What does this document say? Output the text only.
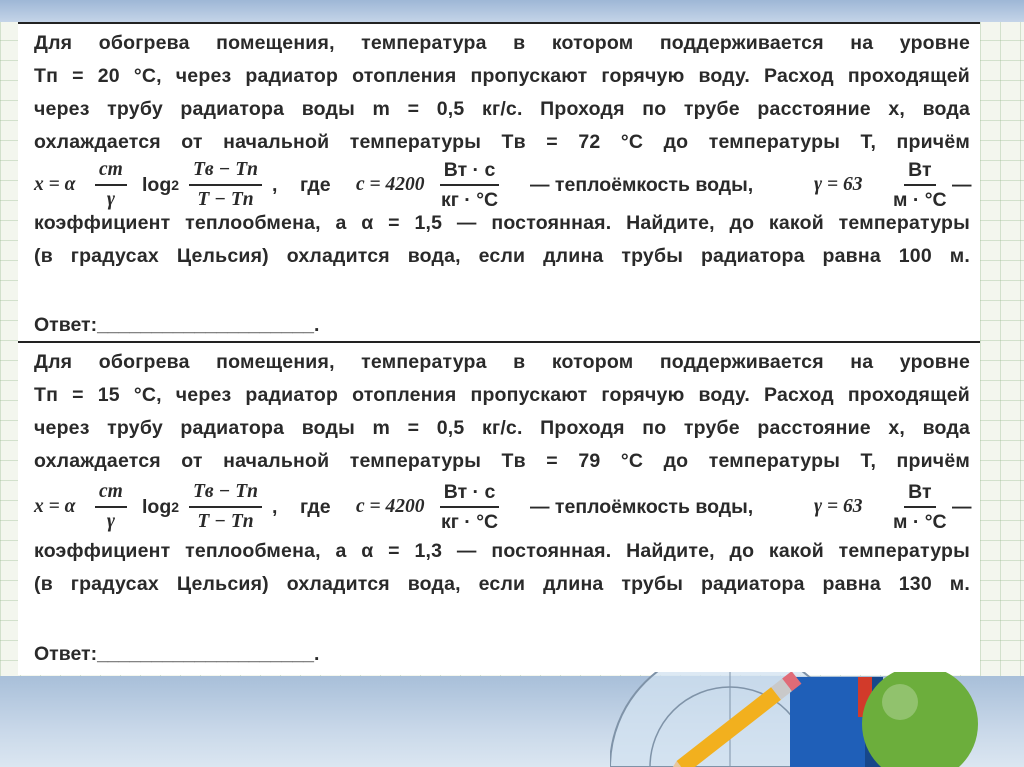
Для обогрева помещения, температура в котором поддерживается на уровне
Tп = 20 °C, через радиатор отопления пропускают горячую воду. Расход проходящей
через трубу радиатора воды m = 0,5 кг/с. Проходя по трубе расстояние x, вода
охлаждается от начальной температуры Tв = 72 °C до температуры T, причём
x = α $\frac{cm}{\gamma}$ $\log 2 \frac{Tв - Tп}{T - Tп}$ , где $c = 4200 \frac{Вт \cdot с}{кг \cdot ^\circ C}$ — теплоёмкость воды,	$\gamma = 63 \frac{Вт}{м \cdot ^\circ C}$ —
коэффициент теплообмена, а α = 1,5 — постоянная. Найдите, до какой температуры
(в градусах Цельсия) охладится вода, если длина трубы радиатора равна 100 м.
Ответ:____________________.
Для обогрева помещения, температура в котором поддерживается на уровне
Tп = 15 °C, через радиатор отопления пропускают горячую воду. Расход проходящей
через трубу радиатора воды m = 0,5 кг/с. Проходя по трубе расстояние x, вода
охлаждается от начальной температуры Tв = 79 °C до температуры T, причём
x = α $\frac{cm}{\gamma}$ $\log 2 \frac{Tв - Tп}{T - Tп}$ , где $c = 4200 \frac{Вт \cdot с}{кг \cdot ^\circ C}$ — теплоёмкость воды,	$\gamma = 63 \frac{Вт}{м \cdot ^\circ C}$ —
коэффициент теплообмена, а α = 1,3 — постоянная. Найдите, до какой температуры
(в градусах Цельсия) охладится вода, если длина трубы радиатора равна 130 м.
Ответ:____________________.
